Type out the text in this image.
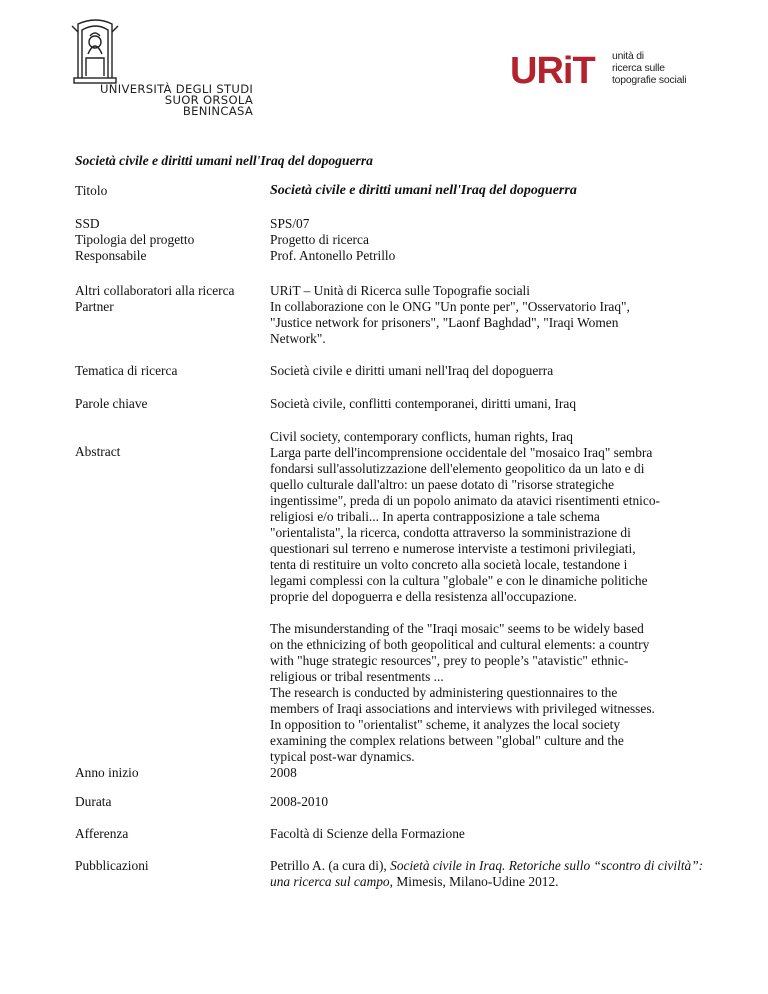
UNIVERSITÀ DEGLI STUDI
SUOR ORSOLA
BENINCASA
URiT unità di
ricerca sulle
topografie sociali
Società civile e diritti umani nell'Iraq del dopoguerra
Titolo	Società civile e diritti umani nell'Iraq del dopoguerra
SSD	SPS/07
Tipologia del progetto	Progetto di ricerca
Responsabile	Prof. Antonello Petrillo
Altri collaboratori alla ricerca	URiT – Unità di Ricerca sulle Topografie sociali
Partner	In collaborazione con le ONG "Un ponte per", "Osservatorio Iraq",
"Justice network for prisoners", "Laonf Baghdad", "Iraqi Women
Network".
Tematica di ricerca	Società civile e diritti umani nell'Iraq del dopoguerra
Parole chiave	Società civile, conflitti contemporanei, diritti umani, Iraq
Abstract
Civil society, contemporary conflicts, human rights, Iraq
Larga parte dell'incomprensione occidentale del "mosaico Iraq" sembra
fondarsi sull'assolutizzazione dell'elemento geopolitico da un lato e di
quello culturale dall'altro: un paese dotato di "risorse strategiche
ingentissime", preda di un popolo animato da atavici risentimenti etnico-
religiosi e/o tribali... In aperta contrapposizione a tale schema
"orientalista", la ricerca, condotta attraverso la somministrazione di
questionari sul terreno e numerose interviste a testimoni privilegiati,
tenta di restituire un volto concreto alla società locale, testandone i
legami complessi con la cultura "globale" e con le dinamiche politiche
proprie del dopoguerra e della resistenza all'occupazione.
The misunderstanding of the "Iraqi mosaic" seems to be widely based
on the ethnicizing of both geopolitical and cultural elements: a country
with "huge strategic resources", prey to people’s "atavistic" ethnic-
religious or tribal resentments ...
The research is conducted by administering questionnaires to the
members of Iraqi associations and interviews with privileged witnesses.
In opposition to "orientalist" scheme, it analyzes the local society
examining the complex relations between "global" culture and the
typical post-war dynamics.
Anno inizio	2008
Durata	2008-2010
Afferenza	Facoltà di Scienze della Formazione
Pubblicazioni	Petrillo A. (a cura di), Società civile in Iraq. Retoriche sullo “scontro di civiltà”:
una ricerca sul campo, Mimesis, Milano-Udine 2012.
